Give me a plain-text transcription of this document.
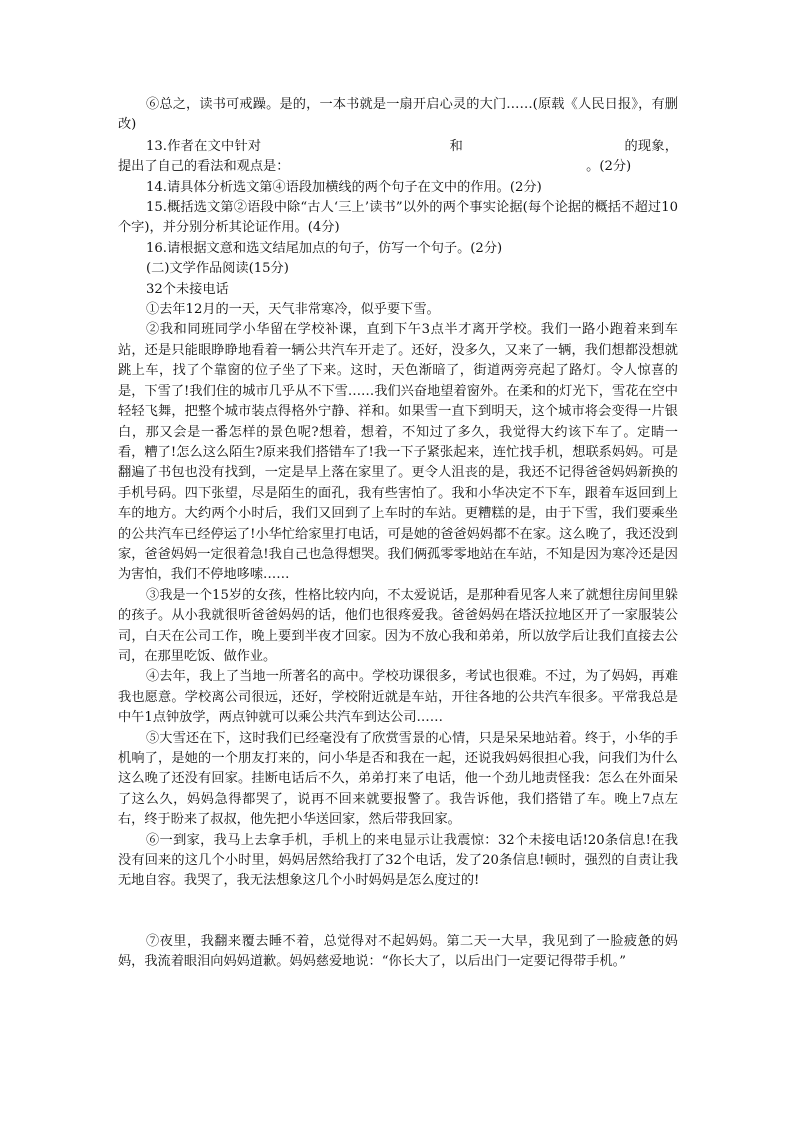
⑥总之，读书可戒躁。是的，一本书就是一扇开启心灵的大门……(原载《人民日报》，有删改)

13.作者在文中针对　　　　　　　　　　　　　　和　　　　　　　　　　　　的现象，提出了自己的看法和观点是：　　　　　　　　　　　　　　　　　　　　　　　。(2分)

14.请具体分析选文第④语段加横线的两个句子在文中的作用。(2分)

15.概括选文第②语段中除“古人‘三上’读书”以外的两个事实论据(每个论据的概括不超过10个字)，并分别分析其论证作用。(4分)

16.请根据文意和选文结尾加点的句子，仿写一个句子。(2分)

(二)文学作品阅读(15分)

32个未接电话

①去年12月的一天，天气非常寒冷，似乎要下雪。

②我和同班同学小华留在学校补课，直到下午3点半才离开学校。我们一路小跑着来到车站，还是只能眼睁睁地看着一辆公共汽车开走了。还好，没多久，又来了一辆，我们想都没想就跳上车，找了个靠窗的位子坐了下来。这时，天色渐暗了，街道两旁亮起了路灯。令人惊喜的是，下雪了!我们住的城市几乎从不下雪……我们兴奋地望着窗外。在柔和的灯光下，雪花在空中轻轻飞舞，把整个城市装点得格外宁静、祥和。如果雪一直下到明天，这个城市将会变得一片银白，那又会是一番怎样的景色呢?想着，想着，不知过了多久，我觉得大约该下车了。定睛一看，糟了!怎么这么陌生?原来我们搭错车了!我一下子紧张起来，连忙找手机，想联系妈妈。可是翻遍了书包也没有找到，一定是早上落在家里了。更令人沮丧的是，我还不记得爸爸妈妈新换的手机号码。四下张望，尽是陌生的面孔，我有些害怕了。我和小华决定不下车，跟着车返回到上车的地方。大约两个小时后，我们又回到了上车时的车站。更糟糕的是，由于下雪，我们要乘坐的公共汽车已经停运了!小华忙给家里打电话，可是她的爸爸妈妈都不在家。这么晚了，我还没到家，爸爸妈妈一定很着急!我自己也急得想哭。我们俩孤零零地站在车站，不知是因为寒冷还是因为害怕，我们不停地哆嗦……

③我是一个15岁的女孩，性格比较内向，不太爱说话，是那种看见客人来了就想往房间里躲的孩子。从小我就很听爸爸妈妈的话，他们也很疼爱我。爸爸妈妈在塔沃拉地区开了一家服装公司，白天在公司工作，晚上要到半夜才回家。因为不放心我和弟弟，所以放学后让我们直接去公司，在那里吃饭、做作业。

④去年，我上了当地一所著名的高中。学校功课很多，考试也很难。不过，为了妈妈，再难我也愿意。学校离公司很远，还好，学校附近就是车站，开往各地的公共汽车很多。平常我总是中午1点钟放学，两点钟就可以乘公共汽车到达公司……

⑤大雪还在下，这时我们已经毫没有了欣赏雪景的心情，只是呆呆地站着。终于，小华的手机响了，是她的一个朋友打来的，问小华是否和我在一起，还说我妈妈很担心我，问我们为什么这么晚了还没有回家。挂断电话后不久，弟弟打来了电话，他一个劲儿地责怪我：怎么在外面呆了这么久，妈妈急得都哭了，说再不回来就要报警了。我告诉他，我们搭错了车。晚上7点左右，终于盼来了叔叔，他先把小华送回家，然后带我回家。

⑥一到家，我马上去拿手机，手机上的来电显示让我震惊：32个未接电话!20条信息!在我没有回来的这几个小时里，妈妈居然给我打了32个电话，发了20条信息!顿时，强烈的自责让我无地自容。我哭了，我无法想象这几个小时妈妈是怎么度过的!

⑦夜里，我翻来覆去睡不着，总觉得对不起妈妈。第二天一大早，我见到了一脸疲惫的妈妈，我流着眼泪向妈妈道歉。妈妈慈爱地说：“你长大了，以后出门一定要记得带手机。”
